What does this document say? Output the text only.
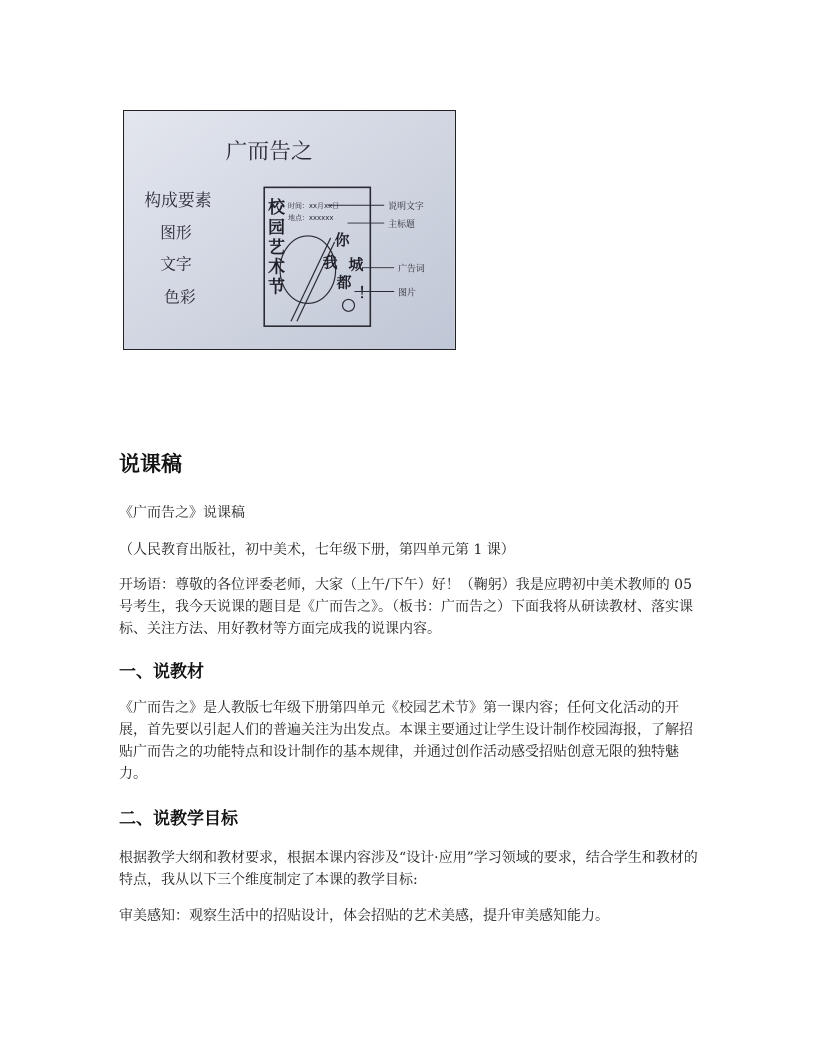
广而告之
构成要素
图形
文字
色彩
校 园 艺 术 节
时间：xx月xx日
地点：xxxxxx
你 我 都 城 ！
说明文字
主标题
广告词
图片
说课稿

《广而告之》说课稿

（人民教育出版社，初中美术，七年级下册，第四单元第 1 课）

开场语：尊敬的各位评委老师，大家（上午/下午）好！（鞠躬）我是应聘初中美术教师的 05 号考生，我今天说课的题目是《广而告之》。（板书：广而告之）下面我将从研读教材、落实课标、关注方法、用好教材等方面完成我的说课内容。

一、说教材

《广而告之》是人教版七年级下册第四单元《校园艺术节》第一课内容；任何文化活动的开展，首先要以引起人们的普遍关注为出发点。本课主要通过让学生设计制作校园海报，了解招贴广而告之的功能特点和设计制作的基本规律，并通过创作活动感受招贴创意无限的独特魅力。

二、说教学目标

根据教学大纲和教材要求，根据本课内容涉及“设计·应用”学习领域的要求，结合学生和教材的特点，我从以下三个维度制定了本课的教学目标:

审美感知：观察生活中的招贴设计，体会招贴的艺术美感，提升审美感知能力。
